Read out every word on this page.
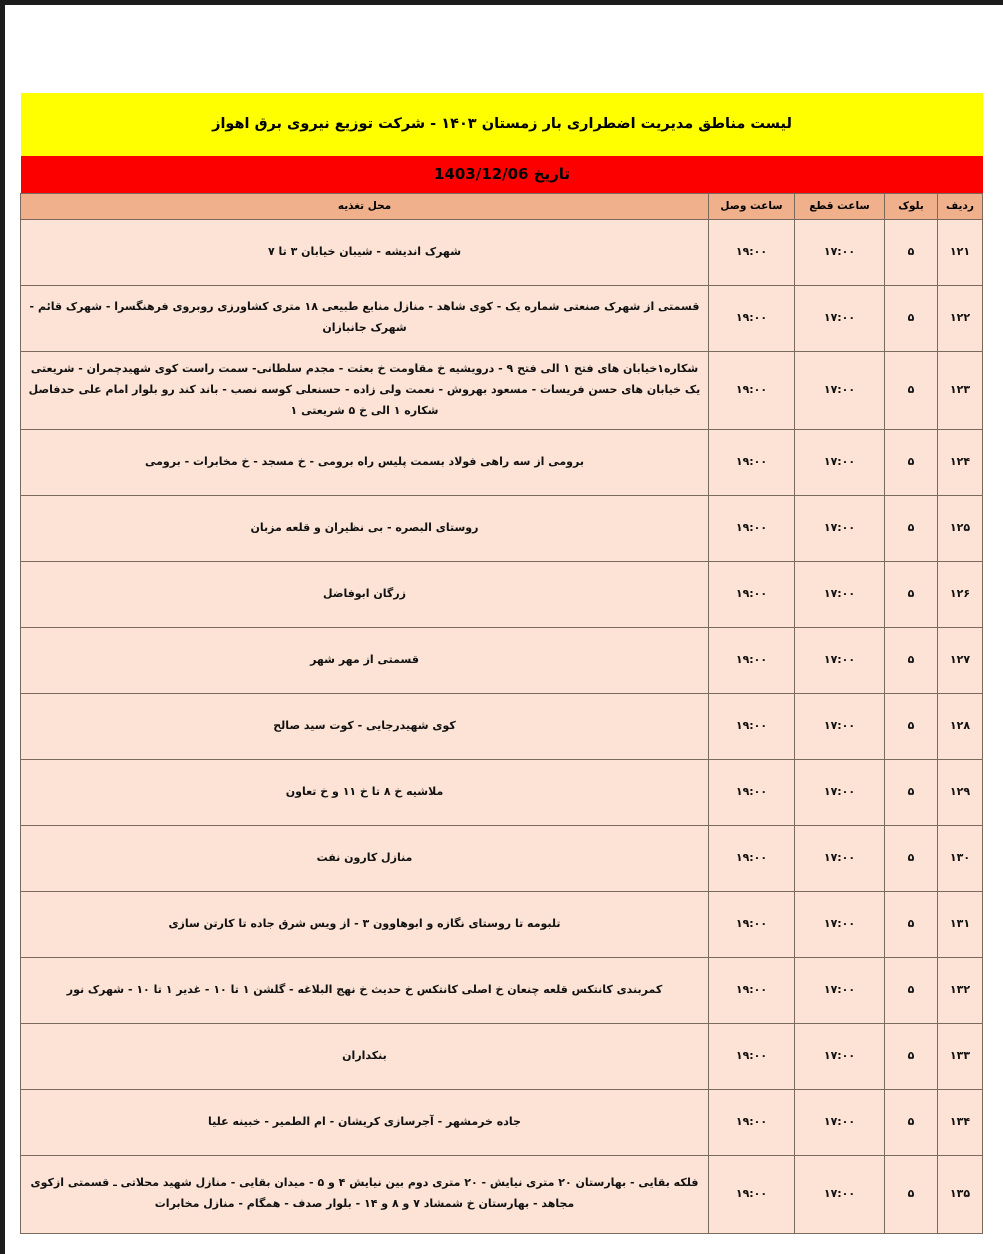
لیست مناطق مدیریت اضطراری بار زمستان ۱۴۰۳ - شرکت توزیع نیروی برق اهواز
تاریخ 1403/12/06
ردیف	بلوک	ساعت قطع	ساعت وصل	محل تغذیه
۱۲۱	۵	۱۷:۰۰	۱۹:۰۰	شهرک اندیشه - شیبان خیابان ۳ تا ۷
۱۲۲	۵	۱۷:۰۰	۱۹:۰۰	قسمتی از شهرک صنعتی شماره یک - کوی شاهد - منازل منابع طبیعی ۱۸ متری کشاورزی روبروی فرهنگسرا - شهرک قائم - شهرک جانبازان
۱۲۳	۵	۱۷:۰۰	۱۹:۰۰	شکاره۱خیابان های فتح ۱ الی فتح ۹ - درویشیه خ مقاومت خ بعثت - مجدم سلطانی- سمت راست کوی شهیدچمران - شریعتی یک خیابان های حسن فریسات - مسعود بهروش - نعمت ولی زاده - حسنعلی کوسه نصب - باند کند رو بلوار امام علی حدفاصل شکاره ۱ الی خ ۵ شریعتی ۱
۱۲۴	۵	۱۷:۰۰	۱۹:۰۰	برومی از سه راهی فولاد بسمت پلیس راه برومی - خ مسجد - خ مخابرات - برومی
۱۲۵	۵	۱۷:۰۰	۱۹:۰۰	روستای البصره - بی نظیران و قلعه مزبان
۱۲۶	۵	۱۷:۰۰	۱۹:۰۰	زرگان ابوفاضل
۱۲۷	۵	۱۷:۰۰	۱۹:۰۰	قسمتی از مهر شهر
۱۲۸	۵	۱۷:۰۰	۱۹:۰۰	کوی شهیدرجایی - کوت سید صالح
۱۲۹	۵	۱۷:۰۰	۱۹:۰۰	ملاشیه خ ۸ تا خ ۱۱ و خ تعاون
۱۳۰	۵	۱۷:۰۰	۱۹:۰۰	منازل کارون نفت
۱۳۱	۵	۱۷:۰۰	۱۹:۰۰	تلبومه تا روستای نگازه و ابوهاوون ۳ - از ویس شرق جاده تا کارتن سازی
۱۳۲	۵	۱۷:۰۰	۱۹:۰۰	کمربندی کانتکس قلعه چنعان خ اصلی کانتکس خ حدیث خ نهج البلاغه - گلشن ۱ تا ۱۰ - غدیر ۱ تا ۱۰ - شهرک نور
۱۳۳	۵	۱۷:۰۰	۱۹:۰۰	بنکداران
۱۳۴	۵	۱۷:۰۰	۱۹:۰۰	جاده خرمشهر - آجرسازی کریشان - ام الطمیر - خبینه علیا
۱۳۵	۵	۱۷:۰۰	۱۹:۰۰	فلکه بقایی - بهارستان ۲۰ متری نیایش - ۲۰ متری دوم بین نیایش ۴ و ۵ - میدان بقایی - منازل شهید محلاتی ـ قسمتی ازکوی مجاهد - بهارستان خ شمشاد ۷ و ۸ و ۱۴ - بلوار صدف - همگام - منازل مخابرات
